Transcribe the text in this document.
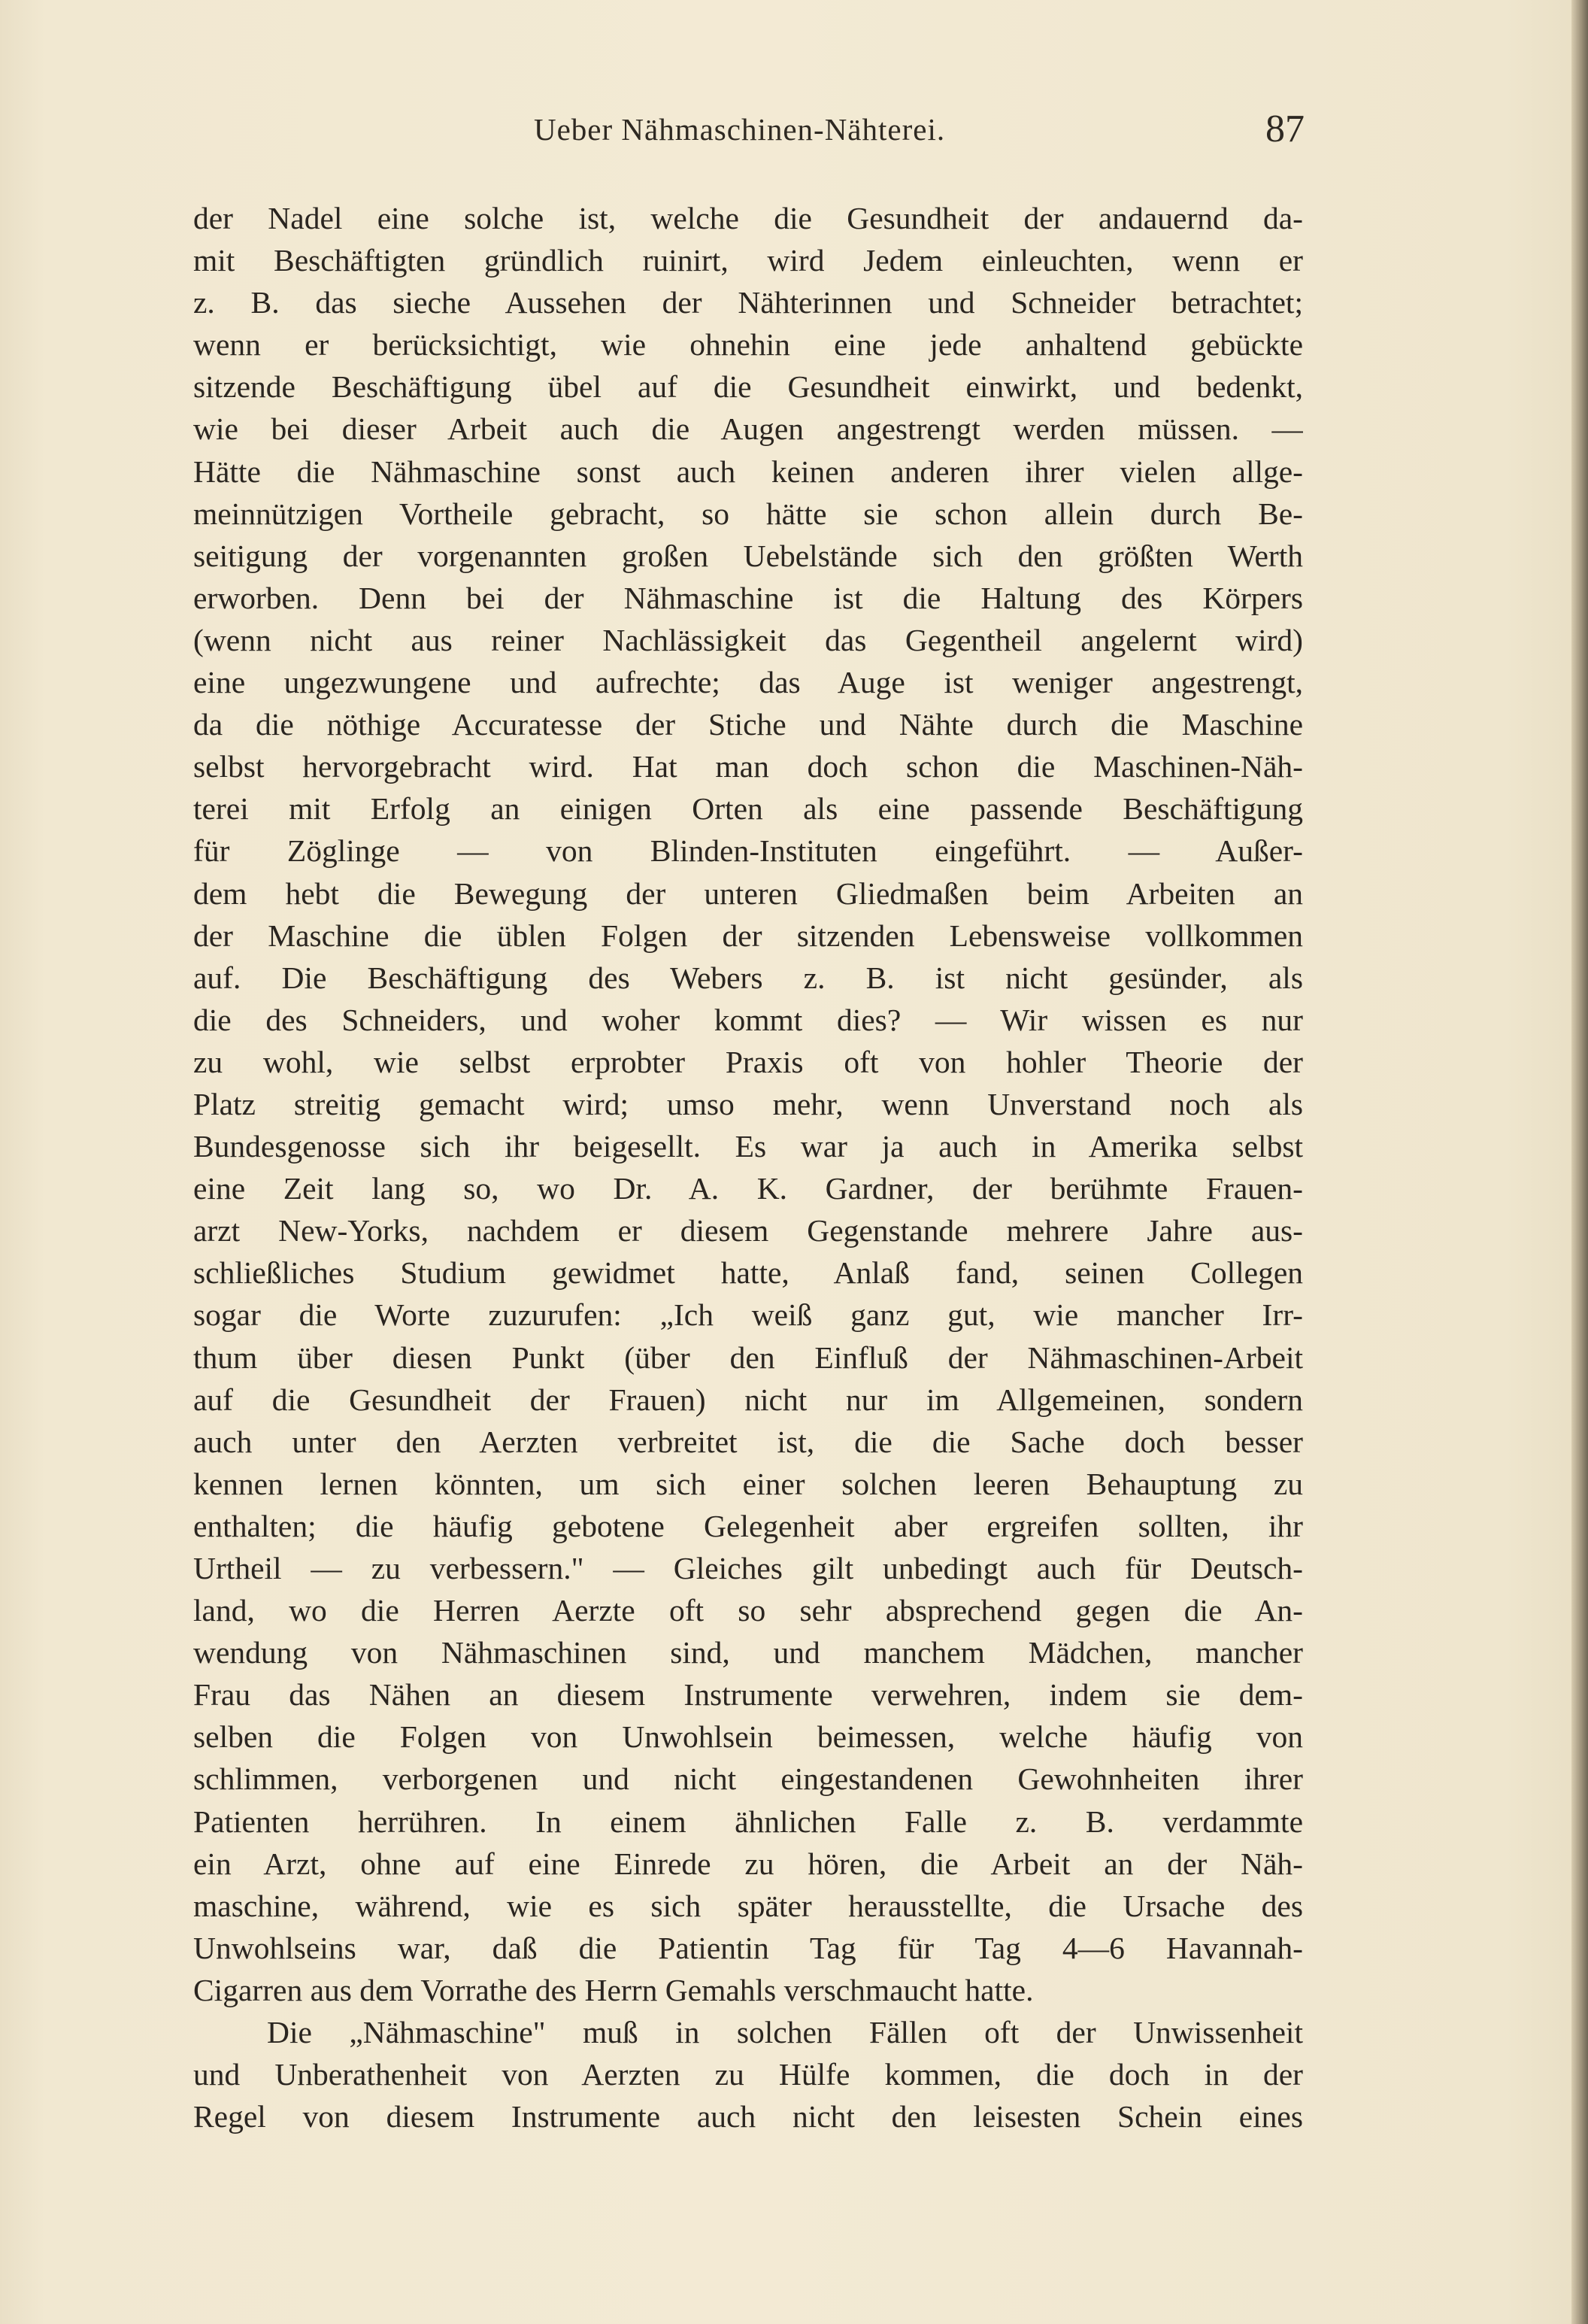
Ueber Nähmaschinen-Nähterei.	87
der Nadel eine solche ist, welche die Gesundheit der andauernd da-
mit Beschäftigten gründlich ruinirt, wird Jedem einleuchten, wenn er
z. B. das sieche Aussehen der Nähterinnen und Schneider betrachtet;
wenn er berücksichtigt, wie ohnehin eine jede anhaltend gebückte
sitzende Beschäftigung übel auf die Gesundheit einwirkt, und bedenkt,
wie bei dieser Arbeit auch die Augen angestrengt werden müssen. —
Hätte die Nähmaschine sonst auch keinen anderen ihrer vielen allge-
meinnützigen Vortheile gebracht, so hätte sie schon allein durch Be-
seitigung der vorgenannten großen Uebelstände sich den größten Werth
erworben. Denn bei der Nähmaschine ist die Haltung des Körpers
(wenn nicht aus reiner Nachlässigkeit das Gegentheil angelernt wird)
eine ungezwungene und aufrechte; das Auge ist weniger angestrengt,
da die nöthige Accuratesse der Stiche und Nähte durch die Maschine
selbst hervorgebracht wird. Hat man doch schon die Maschinen-Näh-
terei mit Erfolg an einigen Orten als eine passende Beschäftigung
für Zöglinge — von Blinden-Instituten eingeführt. — Außer-
dem hebt die Bewegung der unteren Gliedmaßen beim Arbeiten an
der Maschine die üblen Folgen der sitzenden Lebensweise vollkommen
auf. Die Beschäftigung des Webers z. B. ist nicht gesünder, als
die des Schneiders, und woher kommt dies? — Wir wissen es nur
zu wohl, wie selbst erprobter Praxis oft von hohler Theorie der
Platz streitig gemacht wird; umso mehr, wenn Unverstand noch als
Bundesgenosse sich ihr beigesellt. Es war ja auch in Amerika selbst
eine Zeit lang so, wo Dr. A. K. Gardner, der berühmte Frauen-
arzt New-Yorks, nachdem er diesem Gegenstande mehrere Jahre aus-
schließliches Studium gewidmet hatte, Anlaß fand, seinen Collegen
sogar die Worte zuzurufen: „Ich weiß ganz gut, wie mancher Irr-
thum über diesen Punkt (über den Einfluß der Nähmaschinen-Arbeit
auf die Gesundheit der Frauen) nicht nur im Allgemeinen, sondern
auch unter den Aerzten verbreitet ist, die die Sache doch besser
kennen lernen könnten, um sich einer solchen leeren Behauptung zu
enthalten; die häufig gebotene Gelegenheit aber ergreifen sollten, ihr
Urtheil — zu verbessern." — Gleiches gilt unbedingt auch für Deutsch-
land, wo die Herren Aerzte oft so sehr absprechend gegen die An-
wendung von Nähmaschinen sind, und manchem Mädchen, mancher
Frau das Nähen an diesem Instrumente verwehren, indem sie dem-
selben die Folgen von Unwohlsein beimessen, welche häufig von
schlimmen, verborgenen und nicht eingestandenen Gewohnheiten ihrer
Patienten herrühren. In einem ähnlichen Falle z. B. verdammte
ein Arzt, ohne auf eine Einrede zu hören, die Arbeit an der Näh-
maschine, während, wie es sich später herausstellte, die Ursache des
Unwohlseins war, daß die Patientin Tag für Tag 4—6 Havannah-
Cigarren aus dem Vorrathe des Herrn Gemahls verschmaucht hatte.
Die „Nähmaschine" muß in solchen Fällen oft der Unwissenheit
und Unberathenheit von Aerzten zu Hülfe kommen, die doch in der
Regel von diesem Instrumente auch nicht den leisesten Schein eines
